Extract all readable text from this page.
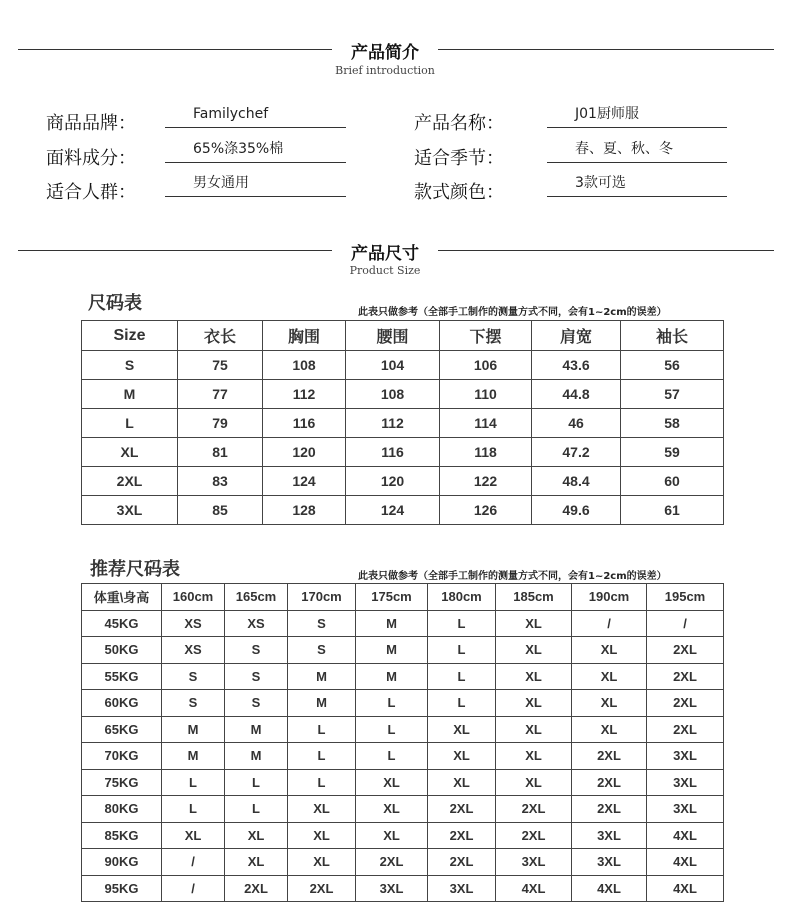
产品简介
Brief introduction
商品品牌：	Familychef
面料成分：	65%涤35%棉
适合人群：	男女通用
产品名称：	J01厨师服
适合季节：	春、夏、秋、冬
款式颜色：	3款可选
产品尺寸
Product Size
尺码表	此表只做参考（全部手工制作的测量方式不同，会有1~2cm的误差）
Size	衣长	胸围	腰围	下摆	肩宽	袖长
S	75	108	104	106	43.6	56
M	77	112	108	110	44.8	57
L	79	116	112	114	46	58
XL	81	120	116	118	47.2	59
2XL	83	124	120	122	48.4	60
3XL	85	128	124	126	49.6	61
推荐尺码表	此表只做参考（全部手工制作的测量方式不同，会有1~2cm的误差）
体重\身高	160cm	165cm	170cm	175cm	180cm	185cm	190cm	195cm
45KG	XS	XS	S	M	L	XL	/	/
50KG	XS	S	S	M	L	XL	XL	2XL
55KG	S	S	M	M	L	XL	XL	2XL
60KG	S	S	M	L	L	XL	XL	2XL
65KG	M	M	L	L	XL	XL	XL	2XL
70KG	M	M	L	L	XL	XL	2XL	3XL
75KG	L	L	L	XL	XL	XL	2XL	3XL
80KG	L	L	XL	XL	2XL	2XL	2XL	3XL
85KG	XL	XL	XL	XL	2XL	2XL	3XL	4XL
90KG	/	XL	XL	2XL	2XL	3XL	3XL	4XL
95KG	/	2XL	2XL	3XL	3XL	4XL	4XL	4XL
